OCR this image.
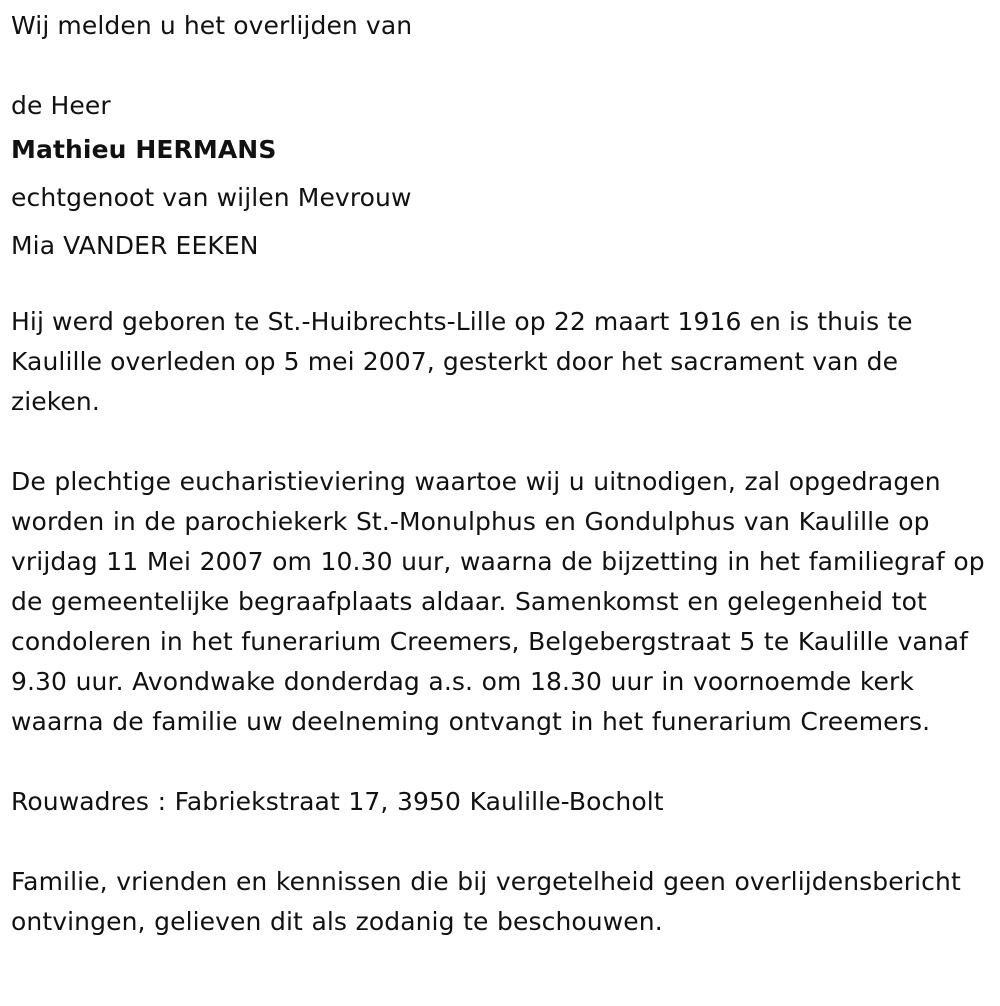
Wij melden u het overlijden van
de Heer
Mathieu HERMANS
echtgenoot van wijlen Mevrouw
Mia VANDER EEKEN

Hij werd geboren te St.-Huibrechts-Lille op 22 maart 1916 en is thuis te Kaulille overleden op 5 mei 2007, gesterkt door het sacrament van de zieken.

De plechtige eucharistieviering waartoe wij u uitnodigen, zal opgedragen worden in de parochiekerk St.-Monulphus en Gondulphus van Kaulille op vrijdag 11 Mei 2007 om 10.30 uur, waarna de bijzetting in het familiegraf op de gemeentelijke begraafplaats aldaar. Samenkomst en gelegenheid tot condoleren in het funerarium Creemers, Belgebergstraat 5 te Kaulille vanaf 9.30 uur. Avondwake donderdag a.s. om 18.30 uur in voornoemde kerk waarna de familie uw deelneming ontvangt in het funerarium Creemers.

Rouwadres : Fabriekstraat 17, 3950 Kaulille-Bocholt

Familie, vrienden en kennissen die bij vergetelheid geen overlijdensbericht ontvingen, gelieven dit als zodanig te beschouwen.
